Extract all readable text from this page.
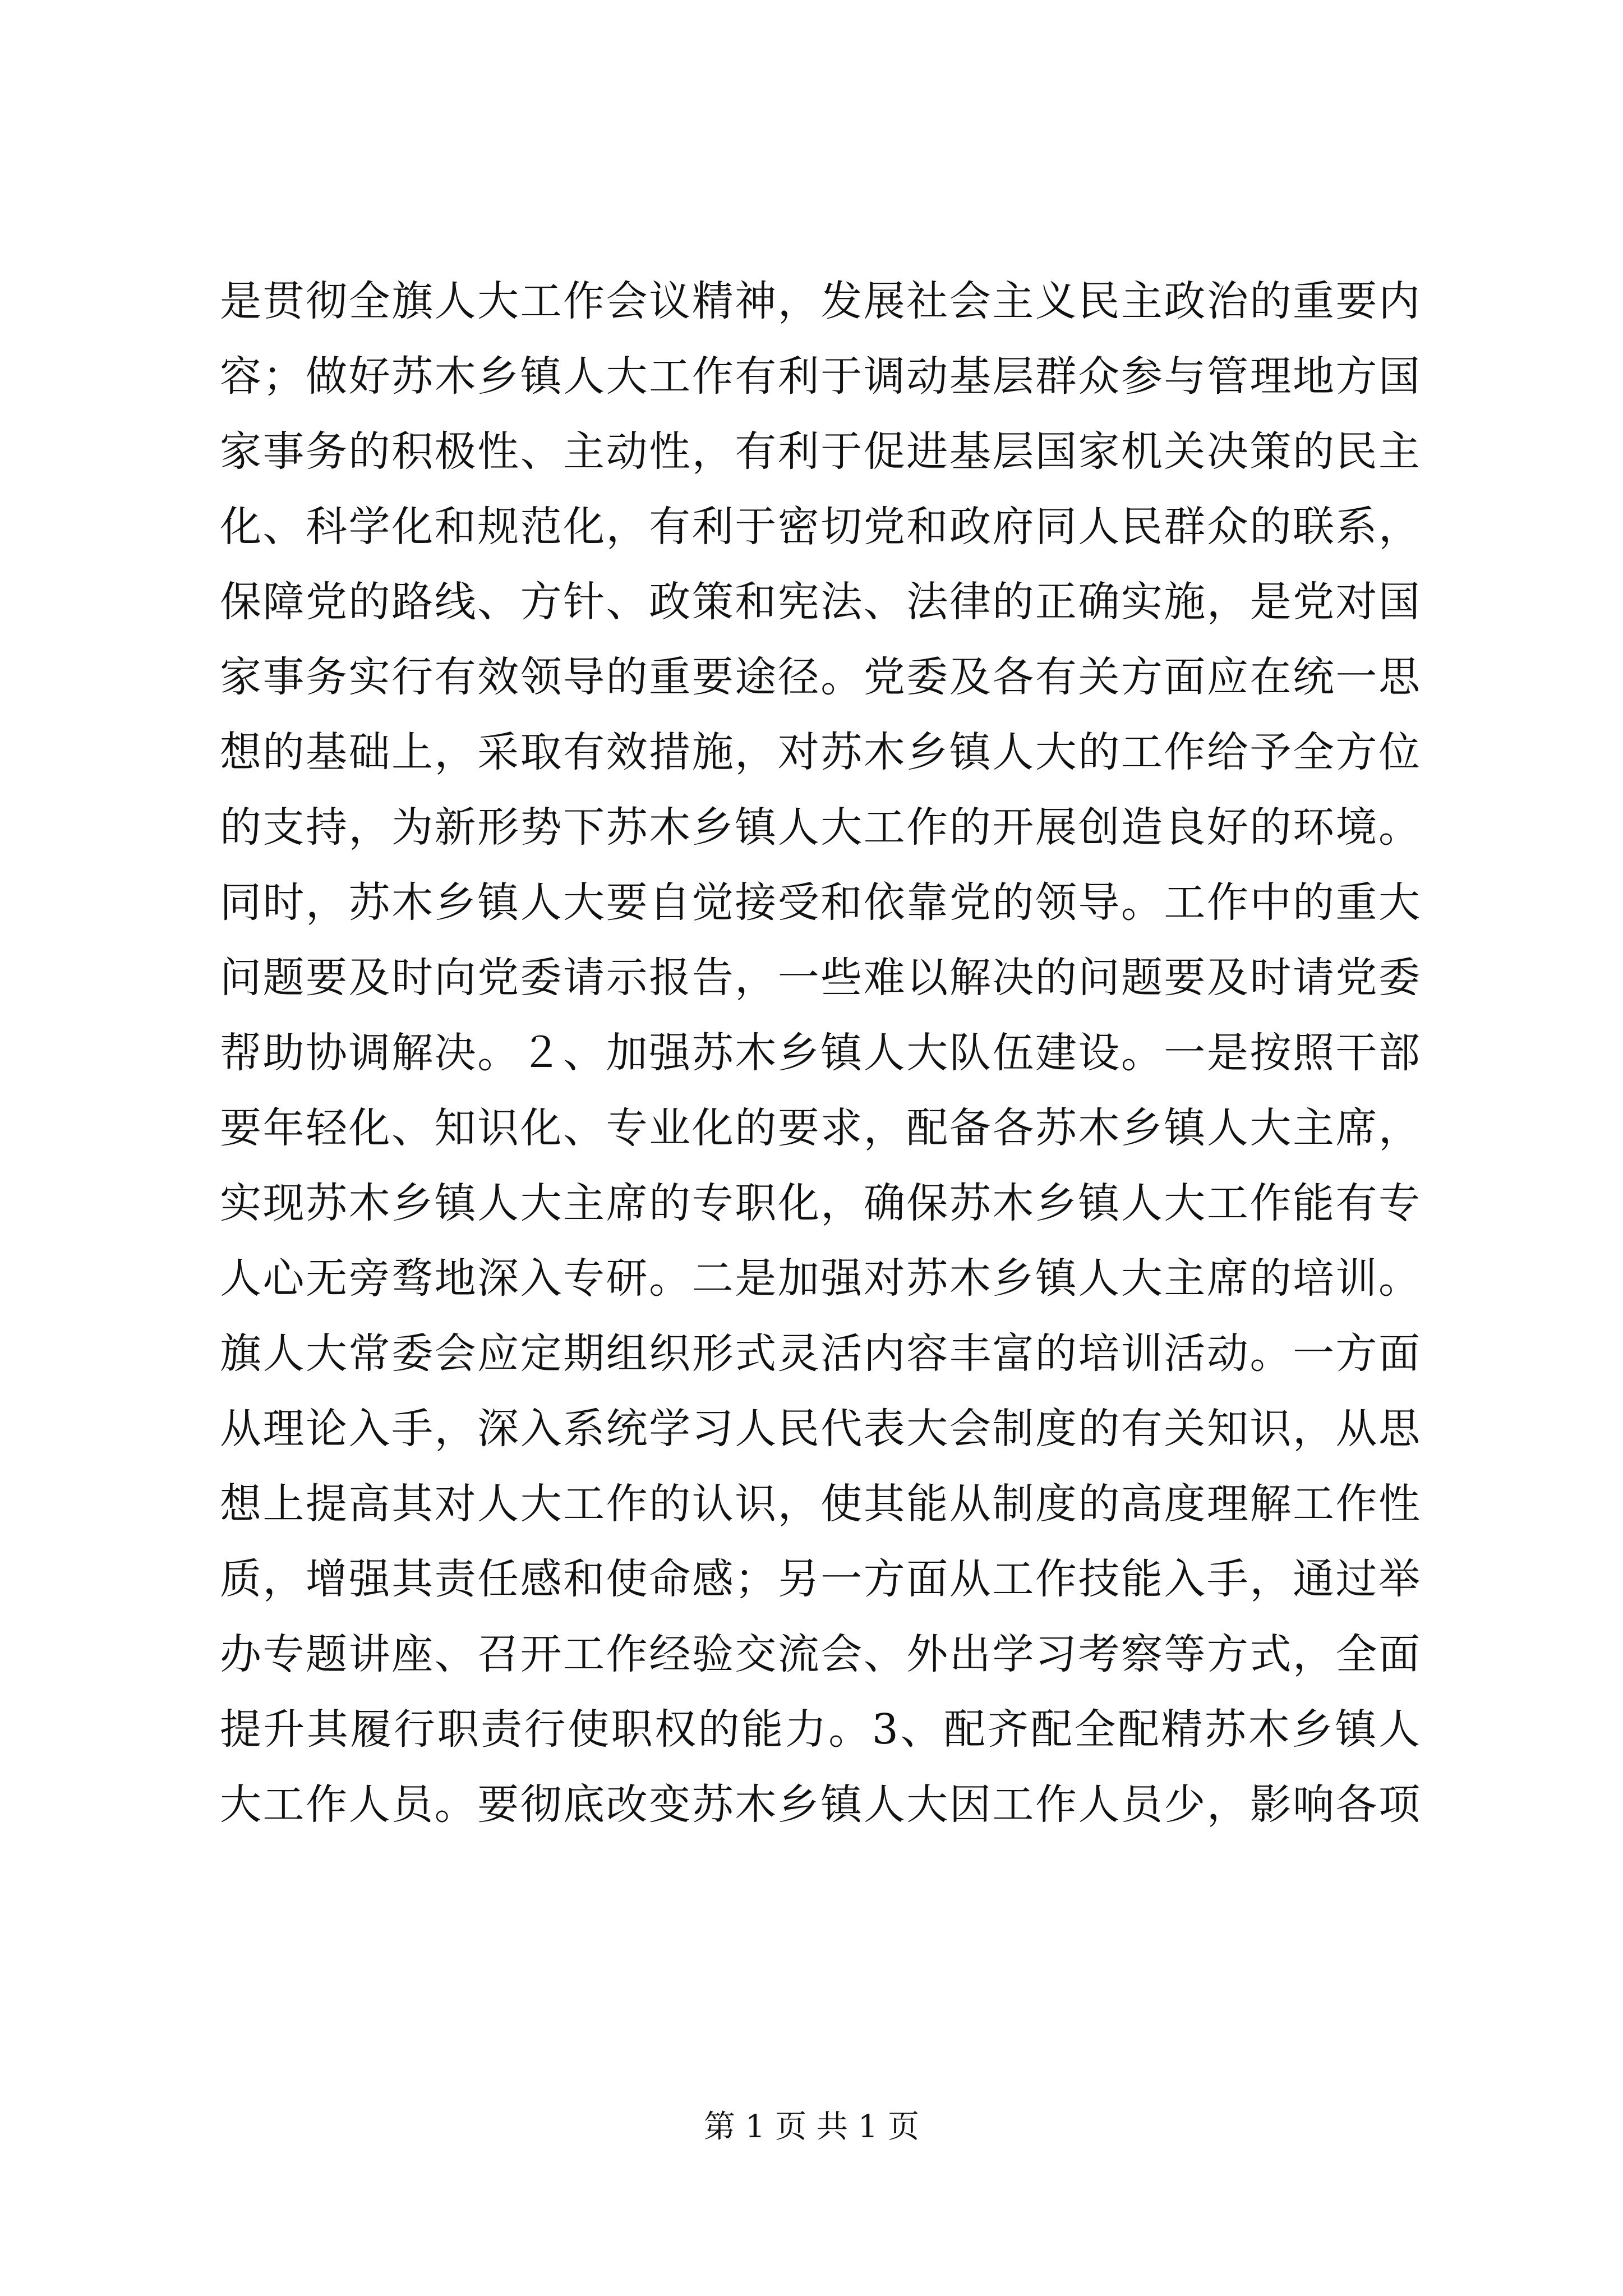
是贯彻全旗人大工作会议精神，发展社会主义民主政治的重要内
容；做好苏木乡镇人大工作有利于调动基层群众参与管理地方国
家事务的积极性、主动性，有利于促进基层国家机关决策的民主
化、科学化和规范化，有利于密切党和政府同人民群众的联系，
保障党的路线、方针、政策和宪法、法律的正确实施，是党对国
家事务实行有效领导的重要途径。党委及各有关方面应在统一思
想的基础上，采取有效措施，对苏木乡镇人大的工作给予全方位
的支持，为新形势下苏木乡镇人大工作的开展创造良好的环境。
同时，苏木乡镇人大要自觉接受和依靠党的领导。工作中的重大
问题要及时向党委请示报告，一些难以解决的问题要及时请党委
帮助协调解决。２、加强苏木乡镇人大队伍建设。一是按照干部
要年轻化、知识化、专业化的要求，配备各苏木乡镇人大主席，
实现苏木乡镇人大主席的专职化，确保苏木乡镇人大工作能有专
人心无旁骛地深入专研。二是加强对苏木乡镇人大主席的培训。
旗人大常委会应定期组织形式灵活内容丰富的培训活动。一方面
从理论入手，深入系统学习人民代表大会制度的有关知识，从思
想上提高其对人大工作的认识，使其能从制度的高度理解工作性
质，增强其责任感和使命感；另一方面从工作技能入手，通过举
办专题讲座、召开工作经验交流会、外出学习考察等方式，全面
提升其履行职责行使职权的能力。3、配齐配全配精苏木乡镇人
大工作人员。要彻底改变苏木乡镇人大因工作人员少，影响各项
第 1 页 共 1 页
